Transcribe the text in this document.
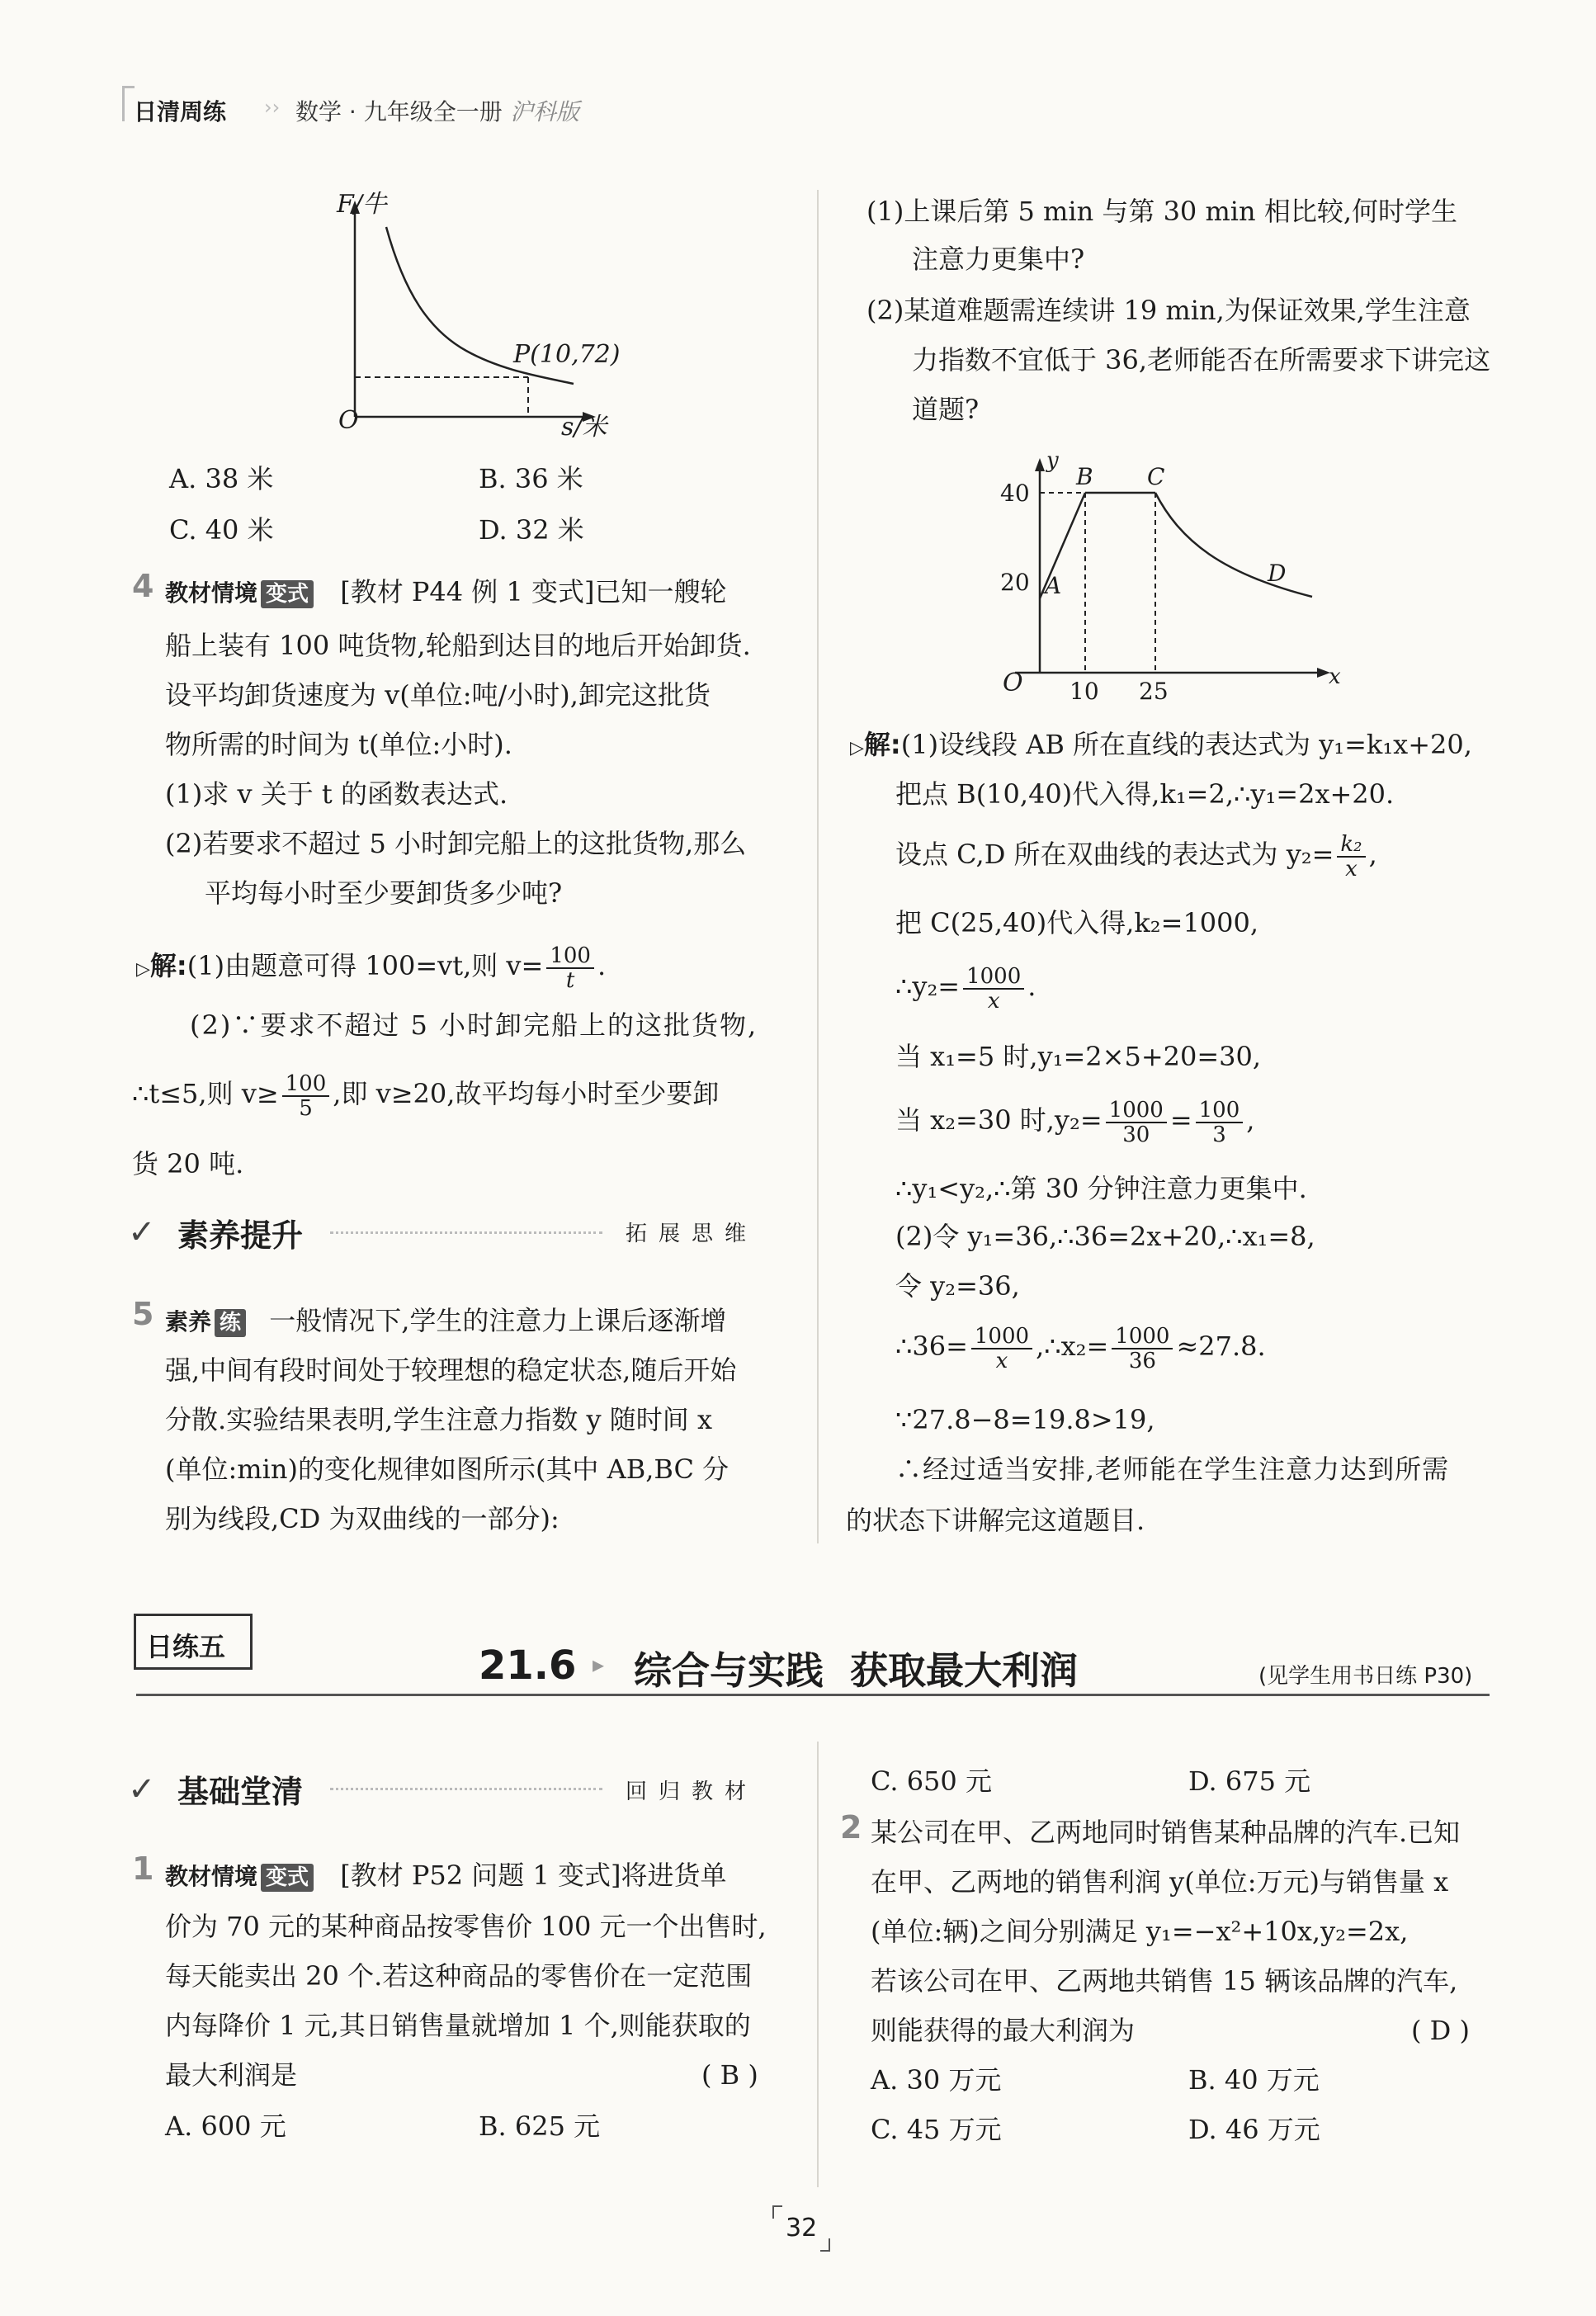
日清周练 ›› 数学 · 九年级全一册 沪科版
F/牛
O	s/米
P(10,72)
A. 38 米	B. 36 米
C. 40 米	D. 32 米
4 教材情境 变式 [教材 P44 例 1 变式]已知一艘轮
船上装有 100 吨货物,轮船到达目的地后开始卸货.
设平均卸货速度为 v(单位:吨/小时),卸完这批货
物所需的时间为 t(单位:小时).
(1)求 v 关于 t 的函数表达式.
(2)若要求不超过 5 小时卸完船上的这批货物,那么
平均每小时至少要卸货多少吨?
▷解:(1)由题意可得 100=vt,则 $v= \frac{100}{t}$ .
(2)∵要求不超过 5 小时卸完船上的这批货物,
∴t≤5,则 $v\ge \frac{100}{5}$ ,即 v≥20,故平均每小时至少要卸
货 20 吨.
✓ 素养提升	拓展思维
5 素养 练 一般情况下,学生的注意力上课后逐渐增
强,中间有段时间处于较理想的稳定状态,随后开始
分散.实验结果表明,学生注意力指数 y 随时间 x
(单位:min)的变化规律如图所示(其中 AB,BC 分
别为线段,CD 为双曲线的一部分):
(1)上课后第 5 min 与第 30 min 相比较,何时学生
注意力更集中?
(2)某道难题需连续讲 19 min,为保证效果,学生注意
力指数不宜低于 36,老师能否在所需要求下讲完这
道题?
y
x
O
40
20
10 25
A
B C
D
▷解:(1)设线段 AB 所在直线的表达式为 y₁=k₁x+20,
把点 B(10,40)代入得,k₁=2,∴y₁=2x+20.
设点 C,D 所在双曲线的表达式为 $y_2= \frac{\text{k₂}}{x}$ ,
把 C(25,40)代入得,k₂=1000,
∴y₂= $\frac{1000}{x}$ .
当 x₁=5 时,y₁=2×5+20=30,
当 x₂=30 时$,y_2= \frac{1000}{30} = \frac{100}{3}$ ,
∴y₁<y₂,∴第 30 分钟注意力更集中.
(2)令 y₁=36,∴36=2x+20,∴x₁=8,
令 y₂=36,
∴36= $\frac{1000}{x}$ ,∴x₂= $\frac{1000}{36} \approx 27.8$.
∵27.8−8=19.8>19,
∴经过适当安排,老师能在学生注意力达到所需
的状态下讲解完这道题目.
日练五	21.6 ▸ 综合与实践  获取最大利润	(见学生用书日练 P30)
✓ 基础堂清	回归教材
1 教材情境 变式 [教材 P52 问题 1 变式]将进货单
价为 70 元的某种商品按零售价 100 元一个出售时,
每天能卖出 20 个.若这种商品的零售价在一定范围
内每降价 1 元,其日销售量就增加 1 个,则能获取的
最大利润是	( B )
A. 600 元	B. 625 元
C. 650 元	D. 675 元
2 某公司在甲、乙两地同时销售某种品牌的汽车.已知
在甲、乙两地的销售利润 y(单位:万元)与销售量 x
(单位:辆)之间分别满足 y₁=−x²+10x,y₂=2x,
若该公司在甲、乙两地共销售 15 辆该品牌的汽车,
则能获得的最大利润为	( D )
A. 30 万元	B. 40 万元
C. 45 万元	D. 46 万元
32
